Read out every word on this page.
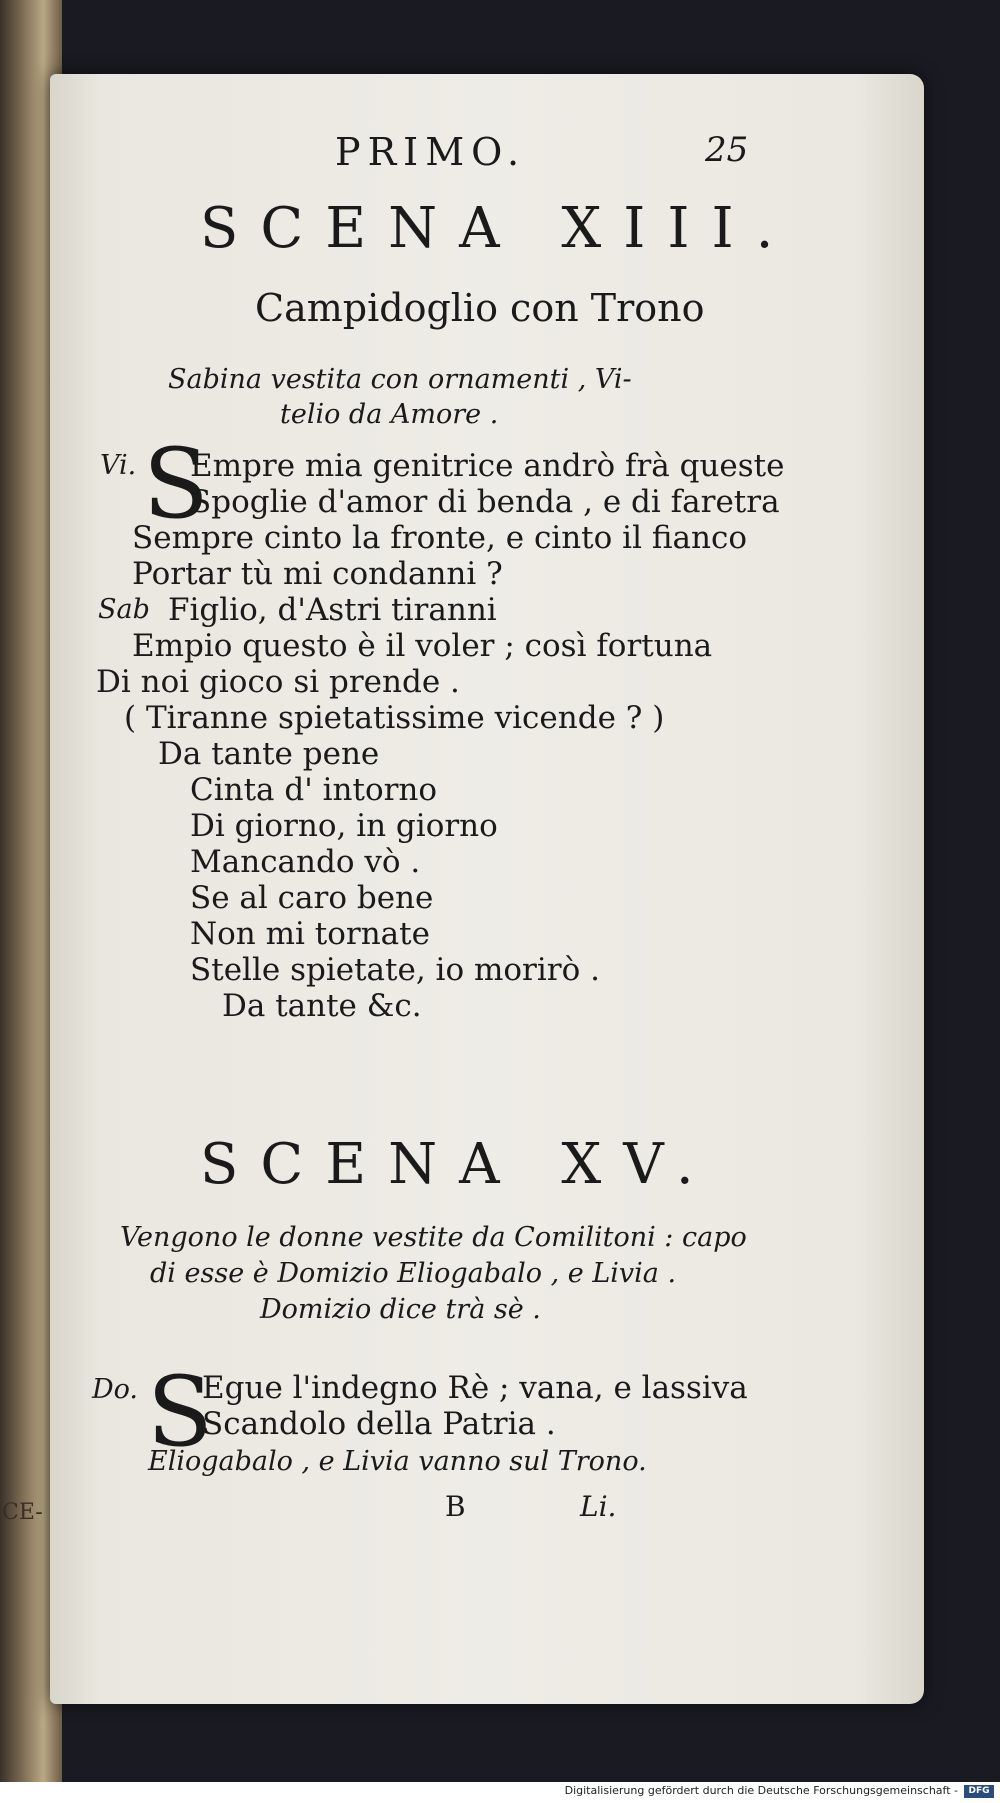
CE-
PRIMO.	25
SCENA XIII.
Campidoglio con Trono
Sabina vestita con ornamenti , Vi-
telio da Amore .
Vi. S
Empre mia genitrice andrò frà queste
Spoglie d'amor di benda , e di faretra
Sempre cinto la fronte, e cinto il fianco
Portar tù mi condanni ?
Sab Figlio, d'Astri tiranni
Empio questo è il voler ; così fortuna
Di noi gioco si prende .
( Tiranne spietatissime vicende ? )
Da tante pene
Cinta d' intorno
Di giorno, in giorno
Mancando vò .
Se al caro bene
Non mi tornate
Stelle spietate, io morirò .
Da tante &c.
SCENA XV.
Vengono le donne vestite da Comilitoni : capo
di esse è Domizio Eliogabalo , e Livia .
Domizio dice trà sè .
Do. S
Egue l'indegno Rè ; vana, e lassiva
Scandolo della Patria .
Eliogabalo , e Livia vanno sul Trono.
B	Li.
Digitalisierung gefördert durch die Deutsche Forschungsgemeinschaft -	DFG
